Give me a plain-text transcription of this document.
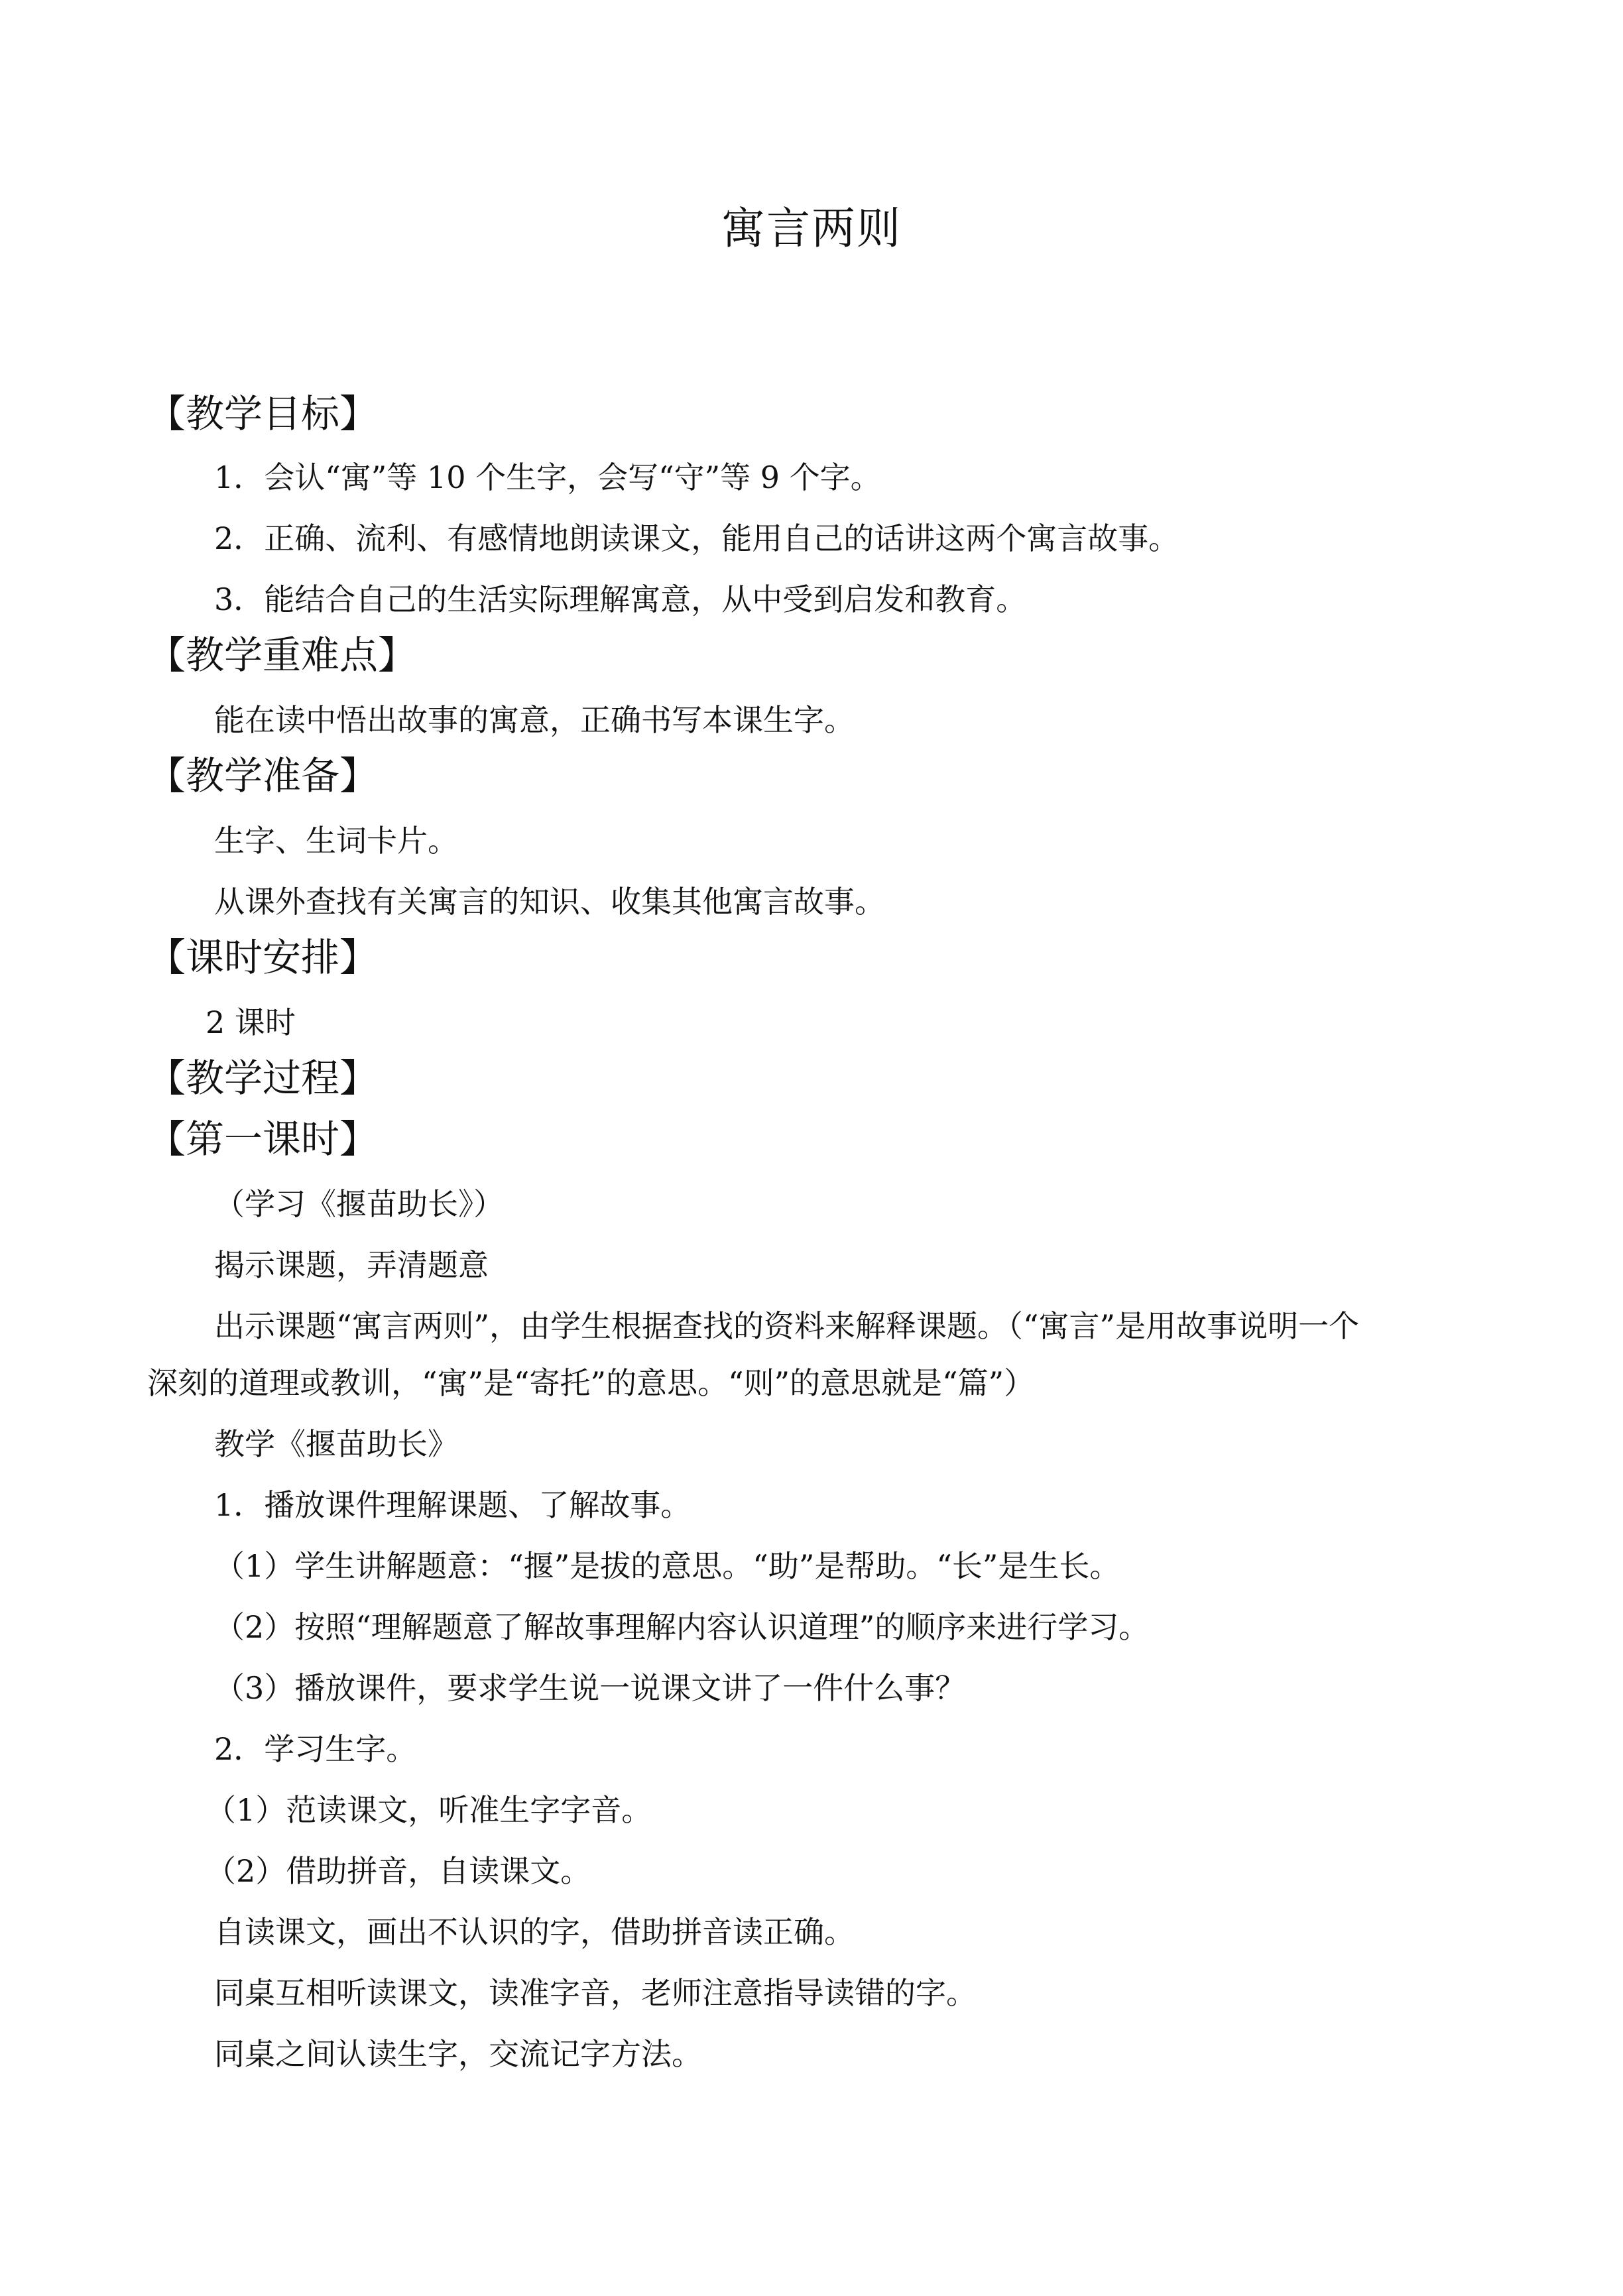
寓言两则
【教学目标】
1．会认“寓”等 10 个生字，会写“守”等 9 个字。
2．正确、流利、有感情地朗读课文，能用自己的话讲这两个寓言故事。
3．能结合自己的生活实际理解寓意，从中受到启发和教育。
【教学重难点】
能在读中悟出故事的寓意，正确书写本课生字。
【教学准备】
生字、生词卡片。
从课外查找有关寓言的知识、收集其他寓言故事。
【课时安排】
2 课时
【教学过程】
【第一课时】
（学习《揠苗助长》）
揭示课题，弄清题意
出示课题“寓言两则”，由学生根据查找的资料来解释课题。（“寓言”是用故事说明一个
深刻的道理或教训，“寓”是“寄托”的意思。“则”的意思就是“篇”）
教学《揠苗助长》
1．播放课件理解课题、了解故事。
（1）学生讲解题意：“揠”是拔的意思。“助”是帮助。“长”是生长。
（2）按照“理解题意了解故事理解内容认识道理”的顺序来进行学习。
（3）播放课件，要求学生说一说课文讲了一件什么事？
2．学习生字。
（1）范读课文，听准生字字音。
（2）借助拼音，自读课文。
自读课文，画出不认识的字，借助拼音读正确。
同桌互相听读课文，读准字音，老师注意指导读错的字。
同桌之间认读生字，交流记字方法。
